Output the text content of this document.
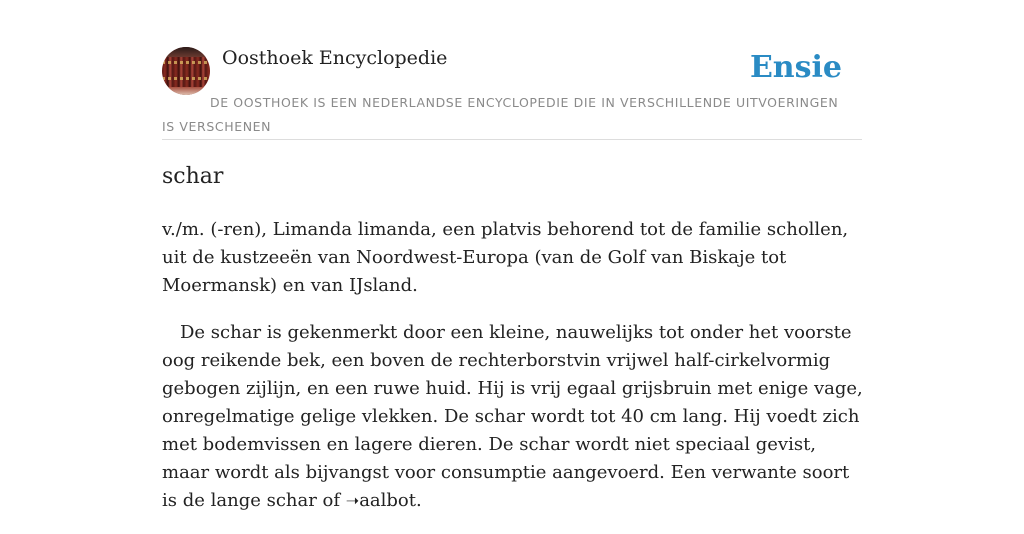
Oosthoek Encyclopedie	Ensie
DE OOSTHOEK IS EEN NEDERLANDSE ENCYCLOPEDIE DIE IN VERSCHILLENDE UITVOERINGEN IS VERSCHENEN
schar

v./m. (-ren), Limanda limanda, een platvis behorend tot de familie schollen, uit de kustzeeën van Noordwest-Europa (van de Golf van Biskaje tot Moermansk) en van IJsland.

De schar is gekenmerkt door een kleine, nauwelijks tot onder het voorste oog reikende bek, een boven de rechterborstvin vrijwel half-cirkelvormig gebogen zijlijn, en een ruwe huid. Hij is vrij egaal grijsbruin met enige vage, onregelmatige gelige vlekken. De schar wordt tot 40 cm lang. Hij voedt zich met bodemvissen en lagere dieren. De schar wordt niet speciaal gevist, maar wordt als bijvangst voor consumptie aangevoerd. Een verwante soort is de lange schar of ➝aalbot.
